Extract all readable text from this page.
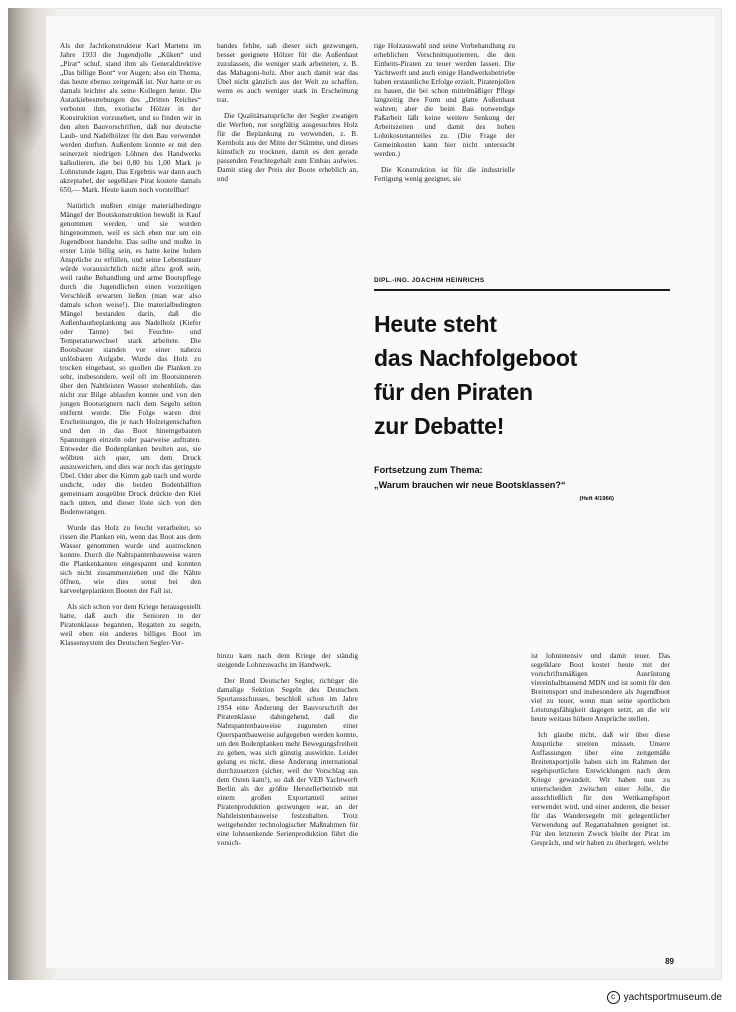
Als der Jachtkonstrukteur Karl Martens im Jahre 1933 die Jugendjolle „Küken“ und „Pirat“ schuf, stand ihm als Generaldirektive „Das billige Boot“ vor Augen; also ein Thema, das heute ebenso zeitgemäß ist. Nur hatte er es damals leichter als seine Kollegen heute. Die Autarkiebestrebungen des „Dritten Reiches“ verboten ihm, exotische Hölzer in der Konstruktion vorzusehen, und so finden wir in den alten Bauvorschriften, daß nur deutsche Laub- und Nadelhölzer für den Bau verwendet werden durften. Außerdem konnte er mit den seinerzeit niedrigen Löhnen des Handwerks kalkulieren, die bei 0,80 bis 1,00 Mark je Lohnstunde lagen. Das Ergebnis war dann auch akzeptabel, der segelklare Pirat kostete damals 650,— Mark. Heute kaum noch vorstellbar!

Natürlich mußten einige materialbedingte Mängel der Bootskonstruktion bewußt in Kauf genommen werden, und sie wurden hingenommen, weil es sich eben nur um ein Jugendboot handelte. Das sollte und mußte in erster Linie billig sein, es hatte keine hohen Ansprüche zu erfüllen, und seine Lebensdauer würde voraussichtlich nicht allzu groß sein, weil rauhe Behandlung und arme Bootspflege durch die Jugendlichen einen vorzeitigen Verschleiß erwarten ließen (man war also damals schon weise!). Die materialbedingten Mängel bestanden darin, daß die Außenhautbeplankung aus Nadelholz (Kiefer oder Tanne) bei Feuchte- und Temperaturwechsel stark arbeitete. Die Bootsbauer standen vor einer nahezu unlösbaren Aufgabe. Wurde das Holz zu trocken eingebaut, so quollen die Planken zu sehr, insbesondere, weil oft im Bootsinneren über den Nahtleisten Wasser stehenblieb, das nicht zur Bilge ablaufen konnte und von den jungen Bootseignern nach dem Segeln selten entfernt wurde. Die Folge waren drei Erscheinungen, die je nach Holzeigenschaften und den in das Boot hineingebauten Spannungen einzeln oder paarweise auftraten. Entweder die Bodenplanken beulten aus, sie wölbten sich quer, um dem Druck auszuweichen, und dies war noch das geringste Übel. Oder aber die Kimm gab nach und wurde undicht, oder die beiden Bodenhälften gemeinsam ausgeübte Druck drückte den Kiel nach unten, und dieser löste sich von den Bodenwrangen.

Wurde das Holz zu feucht verarbeitet, so rissen die Planken ein, wenn das Boot aus dem Wasser genommen wurde und austrocknen konnte. Durch die Nahtspantenbauweise waren die Plankenkanten eingespannt und konnten sich nicht zusammenziehen und die Nähte öffnen, wie dies sonst bei den karveelgeplankten Booten der Fall ist.

Als sich schon vor dem Kriege herausgestellt hatte, daß auch die Senioren in der Piratenklasse begannen, Regatten zu segeln, weil eben ein anderes billiges Boot im Klassensystem des Deutschen Segler-Ver-

bandes fehlte, sah dieser sich gezwungen, besser geeignete Hölzer für die Außenhaut zuzulassen, die weniger stark arbeiteten, z. B. das Mahagoni-holz. Aber auch damit war das Übel nicht gänzlich aus der Welt zu schaffen, wenn es auch weniger stark in Erscheinung trat.

Die Qualitätsansprüche der Segler zwangen die Werften, nur sorgfältig ausgesuchtes Holz für die Beplankung zu verwenden, z. B. Kernholz aus der Mitte der Stämme, und dieses künstlich zu trocknen, damit es den gerade passenden Feuchtegehalt zum Einbau aufwies. Damit stieg der Preis der Boote erheblich an, und

hinzu kam nach dem Kriege der ständig steigende Lohnzuwachs im Handwerk.

Der Bund Deutscher Segler, richtiger die damalige Sektion Segeln des Deutschen Sportausschusses, beschloß schon im Jahre 1954 eine Änderung der Bauvorschrift der Piratenklasse dahingehend, daß die Nahtspantenbauweise zugunsten einer Querspantbauweise aufgegeben werden konnte, um den Bodenplanken mehr Bewegungsfreiheit zu geben, was sich günstig auswirkte. Leider gelang es nicht, diese Änderung international durchzusetzen (sicher, weil der Vorschlag aus dem Osten kam!), so daß der VEB Yachtwerft Berlin als der größte Herstellerbetrieb mit einem großen Exportanteil seiner Piratenproduktion gezwungen war, an der Nahtleistenbauweise festzuhalten. Trotz weitgehender technologischer Maßnahmen für eine lohnsenkende Serienproduktion führt die vorsich-

tige Holzauswahl und seine Vorbehandlung zu erheblichen Verschnittquotienten, die den Einheits-Piraten zu teuer werden lassen. Die Yachtwerft und auch einige Handwerksbetriebe haben erstaunliche Erfolge erzielt, Piratenjollen zu bauen, die bei schon mittelmäßiger Pflege langzeitig ihre Form und glatte Außenhaut wahren; aber die beim Bau notwendige Paßarbeit läßt keine weitere Senkung der Arbeitszeiten und damit des hohen Lohnkostenanteiles zu. (Die Frage der Gemeinkosten kann hier nicht untersucht werden.)

Die Konstruktion ist für die industrielle Fertigung wenig geeignet, sie

ist lohnintensiv und damit teuer. Das segelklare Boot kostet heute mit der vorschriftsmäßigen Ausrüstung viereinhalbtausend MDN und ist somit für den Breitensport und insbesondere als Jugendboot viel zu teuer, wenn man seine sportlichen Leistungsfähigkeit dagegen setzt, an die wir heute weitaus höhere Ansprüche stellen.

Ich glaube nicht, daß wir über diese Ansprüche streiten müssen. Unsere Auffassungen über eine zeitgemäße Breitensportjolle haben sich im Rahmen der segelsportlichen Entwicklungen nach dem Kriege gewandelt. Wir haben nun zu unterscheiden zwischen einer Jolle, die ausschließlich für den Wettkampfsport verwendet wird, und einer anderen, die besser für das Wandersegeln mit gelegentlicher Verwendung auf Regattabahnen geeignet ist. Für den letzteren Zweck bleibt der Pirat im Gespräch, und wir haben zu überlegen, welche

DIPL.-ING. JOACHIM HEINRICHS
Heute steht
das Nachfolgeboot
für den Piraten
zur Debatte!
Fortsetzung zum Thema:
„Warum brauchen wir neue Bootsklassen?“
(Heft 4/1966)
89
c yachtsportmuseum.de
